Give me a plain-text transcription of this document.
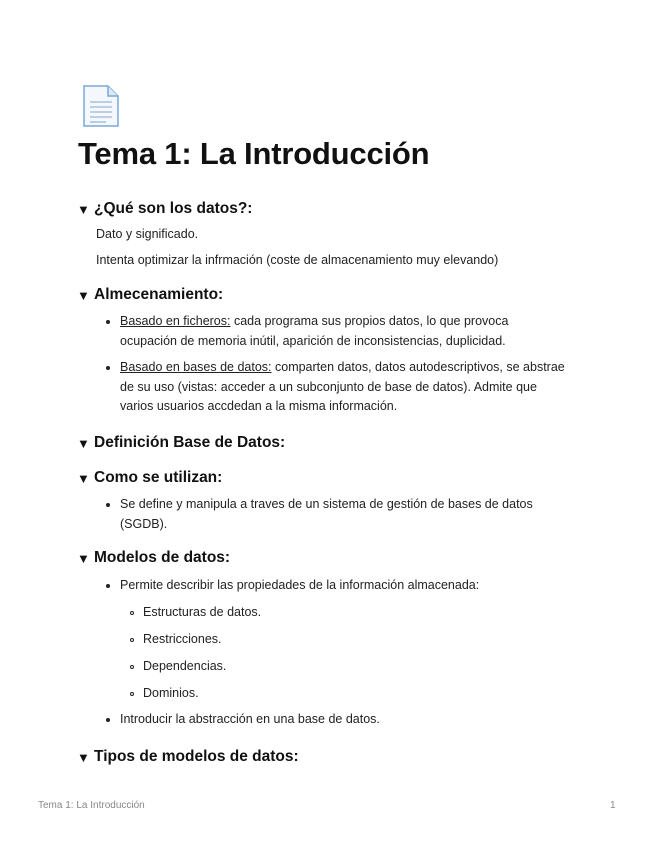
Tema 1: La Introducción
▼ ¿Qué son los datos?:

Dato y significado.

Intenta optimizar la infrmación (coste de almacenamiento muy elevando)

▼ Almecenamiento:

Basado en ficheros: cada programa sus propios datos, lo que provoca
ocupación de memoria inútil, aparición de inconsistencias, duplicidad.

Basado en bases de datos: comparten datos, datos autodescriptivos, se abstrae
de su uso (vistas: acceder a un subconjunto de base de datos). Admite que
varios usuarios accdedan a la misma información.

▼ Definición Base de Datos:
▼ Como se utilizan:

Se define y manipula a traves de un sistema de gestión de bases de datos
(SGDB).

▼ Modelos de datos:

Permite describir las propiedades de la información almacenada:

Estructuras de datos.

Restricciones.

Dependencias.

Dominios.

Introducir la abstracción en una base de datos.

▼ Tipos de modelos de datos:
Tema 1: La Introducción	1
